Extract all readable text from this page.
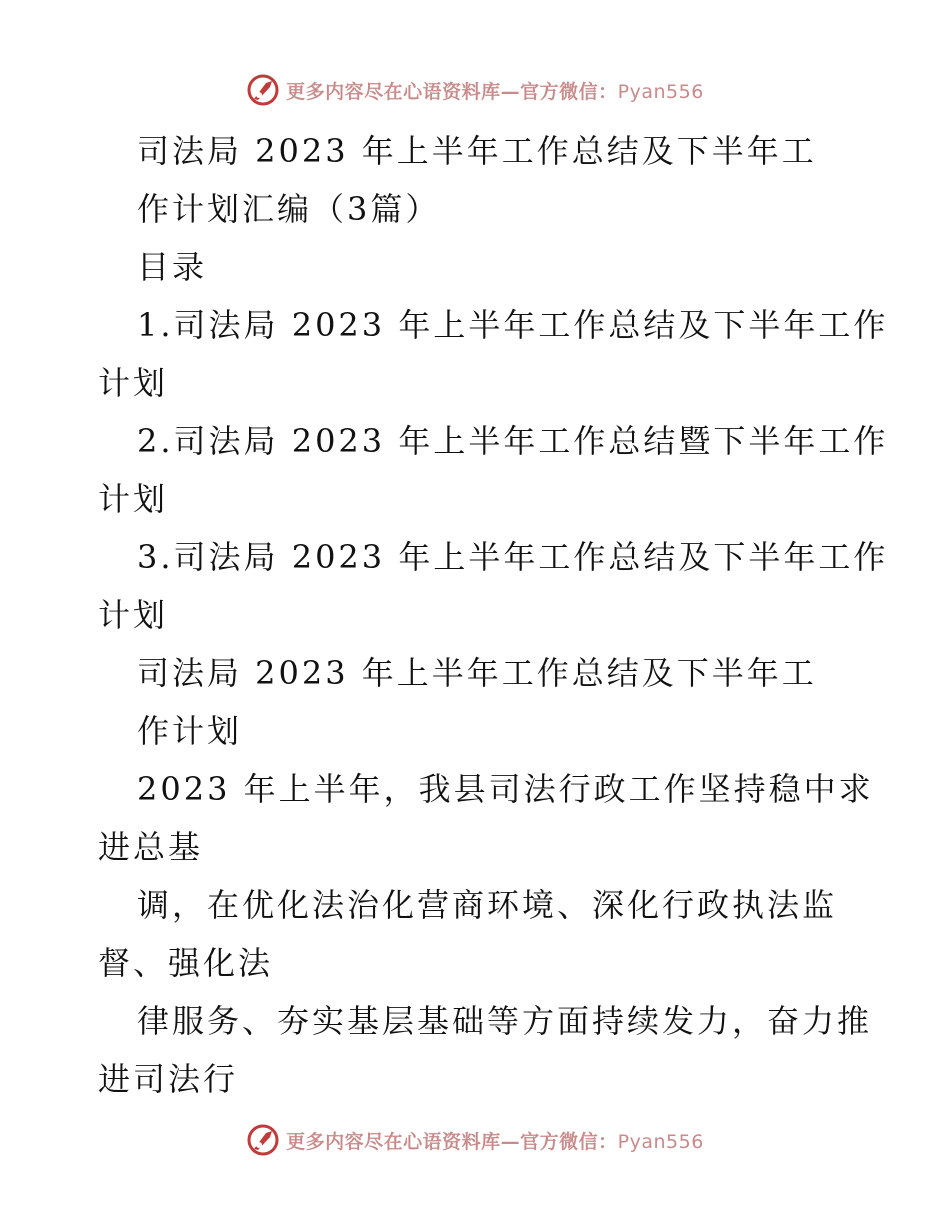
更多内容尽在心语资料库—官方微信：Pyan556
司法局 2023 年上半年工作总结及下半年工
作计划汇编（3篇）
目录
1.司法局 2023 年上半年工作总结及下半年工作
计划
2.司法局 2023 年上半年工作总结暨下半年工作
计划
3.司法局 2023 年上半年工作总结及下半年工作
计划
司法局 2023 年上半年工作总结及下半年工
作计划
2023 年上半年，我县司法行政工作坚持稳中求
进总基
调，在优化法治化营商环境、深化行政执法监
督、强化法
律服务、夯实基层基础等方面持续发力，奋力推
进司法行
更多内容尽在心语资料库—官方微信：Pyan556
